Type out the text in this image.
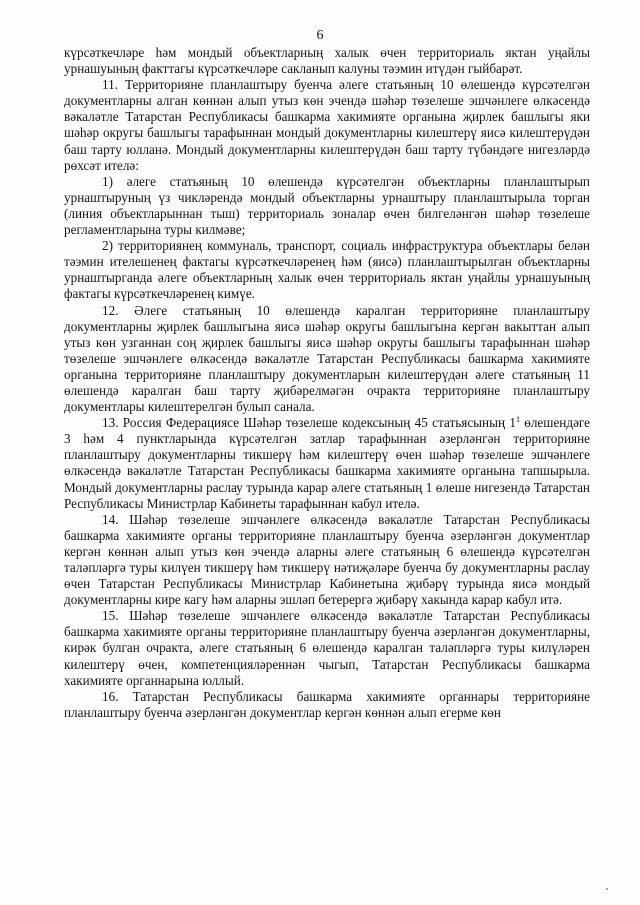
6

күрсәткечләре һәм мондый объектларның халык өчен территориаль яктан уңайлы урнашуының факттагы күрсәткечләре сакланып калуны тәэмин итүдән гыйбарәт.

11. Территорияне планлаштыру буенча әлеге статьяның 10 өлешендә күрсәтелгән документларны алган көннән алып утыз көн эчендә шәһәр төзелеше эшчәнлеге өлкәсендә вәкаләтле Татарстан Республикасы башкарма хакимияте органына җирлек башлыгы яки шәһәр округы башлыгы тарафыннан мондый документларны килештерү яисә килештерүдән баш тарту юлланә. Мондый документларны килештерүдән баш тарту түбәндәге нигезләрдә рөхсәт ителә:

1) әлеге статьяның 10 өлешендә күрсәтелгән объектларны планлаштырып урнаштыруның үз чикләрендә мондый объектларны урнаштыру планлаштырыла торган (линия объектларыннан тыш) территориаль зоналар өчен билгеләнгән шәһәр төзелеше регламентларына туры килмәве;

2) территориянең коммуналь, транспорт, социаль инфраструктура объектлары белән тәэмин ителешенең фактагы күрсәткечләренең һәм (яисә) планлаштырылган объектларны урнаштырганда әлеге объектларның халык өчен территориаль яктан уңайлы урнашуының фактагы күрсәткечләренең кимүе.

12. Әлеге статьяның 10 өлешендә каралган территорияне планлаштыру документларны җирлек башлыгына яисә шәһәр округы башлыгына кергән вакыттан алып утыз көн узганнан соң җирлек башлыгы яисә шәһәр округы башлыгы тарафыннан шәһәр төзелеше эшчәнлеге өлкәсендә вәкаләтле Татарстан Республикасы башкарма хакимияте органына территорияне планлаштыру документларын килештерүдән әлеге статьяның 11 өлешендә каралган баш тарту җибәрелмәгән очракта территорияне планлаштыру документлары килештерелгән булып санала.

13. Россия Федерациясе Шәһәр төзелеше кодексының 45 статьясының $1^1$ өлешендәге 3 һәм 4 пунктларында күрсәтелгән затлар тарафыннан әзерләнгән территорияне планлаштыру документларны тикшерү һәм килештерү өчен шәһәр төзелеше эшчәнлеге өлкәсендә вәкаләтле Татарстан Республикасы башкарма хакимияте органына тапшырыла. Мондый документларны раслау турында карар әлеге статьяның 1 өлеше нигезендә Татарстан Республикасы Министрлар Кабинеты тарафыннан кабул ителә.

14. Шәһәр төзелеше эшчәнлеге өлкәсендә вәкаләтле Татарстан Республикасы башкарма хакимияте органы территорияне планлаштыру буенча әзерләнгән документлар кергән көннән алып утыз көн эчендә аларны әлеге статьяның 6 өлешендә күрсәтелгән таләпләргә туры килүен тикшерү һәм тикшерү нәтиҗәләре буенча бу документларны раслау өчен Татарстан Республикасы Министрлар Кабинетына җибәрү турында яисә мондый документларны кире кагу һәм аларны эшләп бетерергә җибәрү хакында карар кабул итә.

15. Шәһәр төзелеше эшчәнлеге өлкәсендә вәкаләтле Татарстан Республикасы башкарма хакимияте органы территорияне планлаштыру буенча әзерләнгән документларны, кирәк булган очракта, әлеге статьяның 6 өлешендә каралган таләпләргә туры килүләрен килештерү өчен, компетенцияләреннән чыгып, Татарстан Республикасы башкарма хакимияте органнарына юллый.

16. Татарстан Республикасы башкарма хакимияте органнары территорияне планлаштыру буенча әзерләнгән документлар кергән көннән алып егерме көн
